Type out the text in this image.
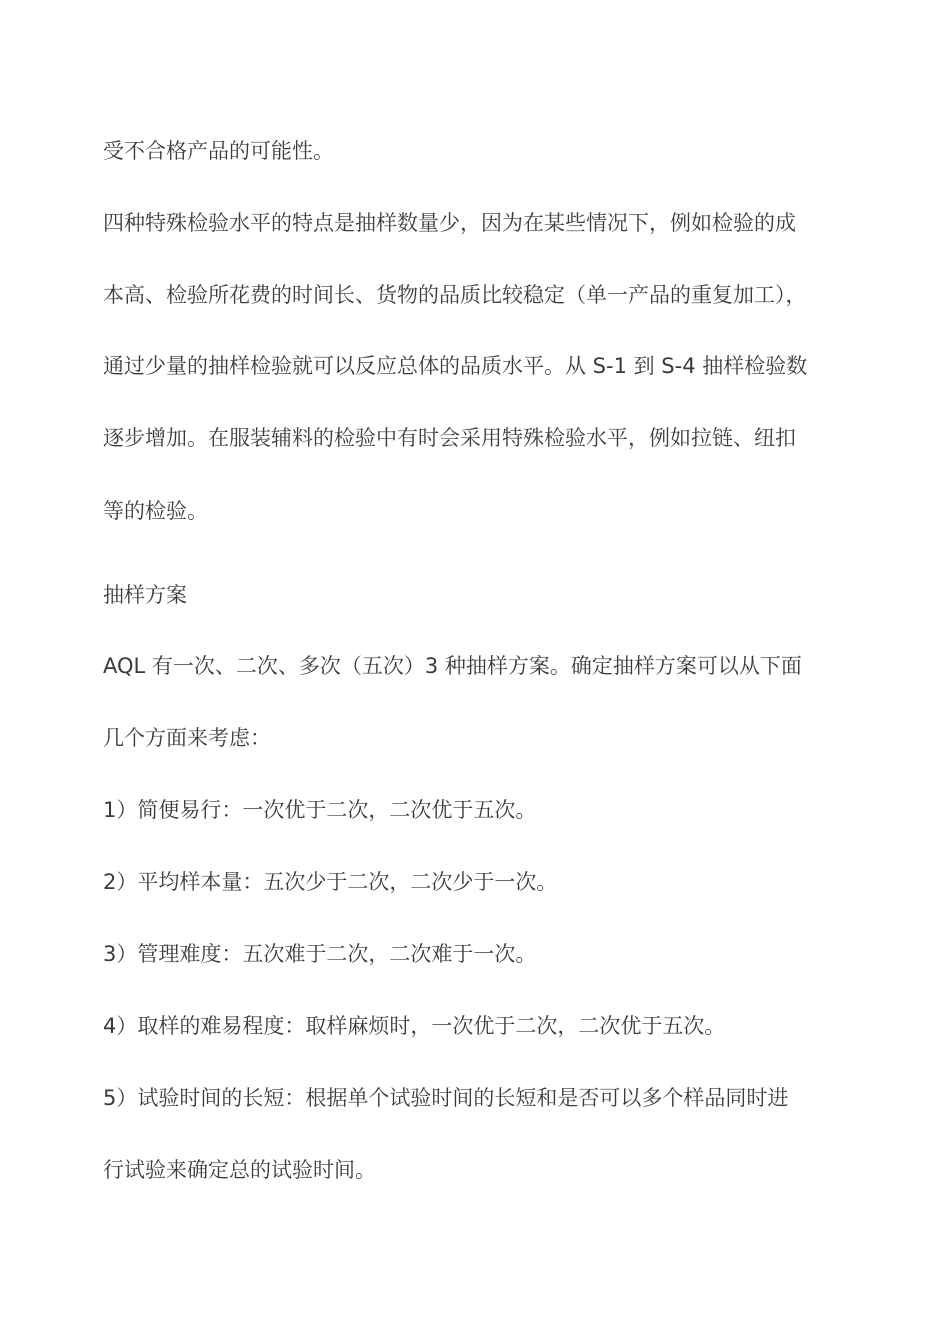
受不合格产品的可能性。

四种特殊检验水平的特点是抽样数量少，因为在某些情况下，例如检验的成

本高、检验所花费的时间长、货物的品质比较稳定（单一产品的重复加工），

通过少量的抽样检验就可以反应总体的品质水平。从 S-1 到 S-4 抽样检验数

逐步增加。在服装辅料的检验中有时会采用特殊检验水平，例如拉链、纽扣

等的检验。

抽样方案

AQL 有一次、二次、多次（五次）3 种抽样方案。确定抽样方案可以从下面

几个方面来考虑：

1）简便易行：一次优于二次，二次优于五次。

2）平均样本量：五次少于二次，二次少于一次。

3）管理难度：五次难于二次，二次难于一次。

4）取样的难易程度：取样麻烦时，一次优于二次，二次优于五次。

5）试验时间的长短：根据单个试验时间的长短和是否可以多个样品同时进

行试验来确定总的试验时间。
